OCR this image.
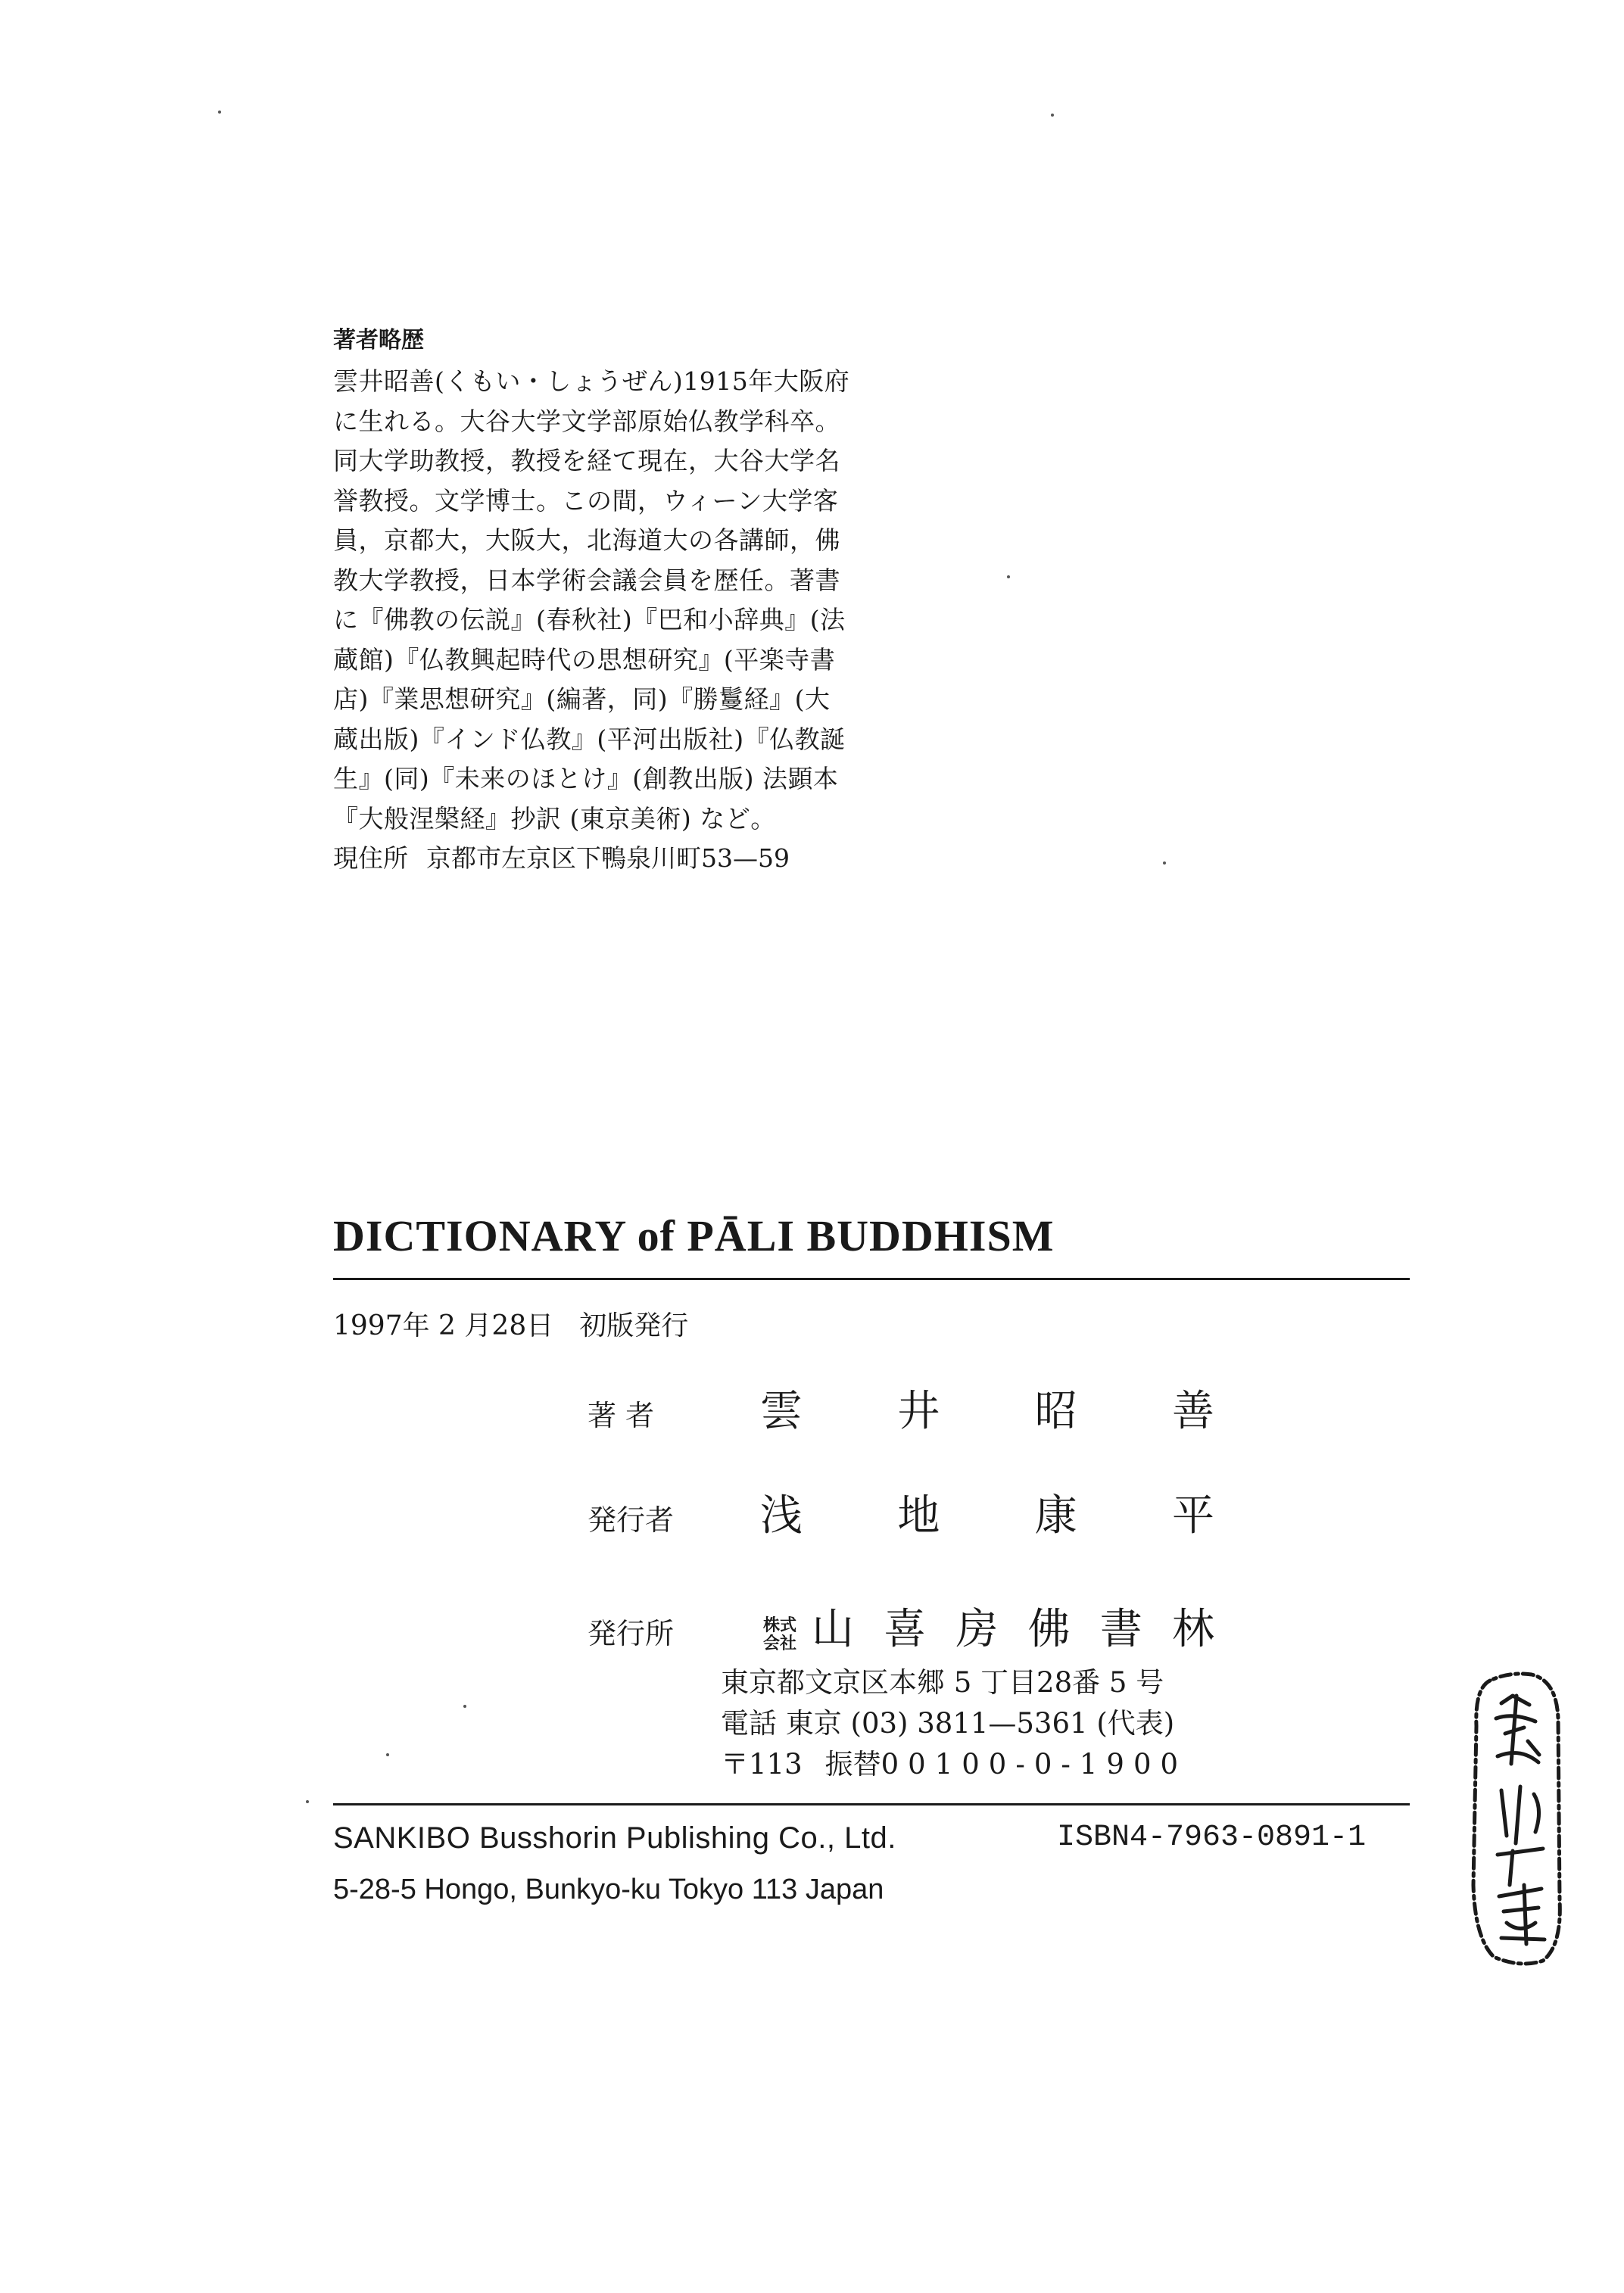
著者略歴
雲井昭善(くもい・しょうぜん)1915年大阪府
に生れる。大谷大学文学部原始仏教学科卒。
同大学助教授，教授を経て現在，大谷大学名
誉教授。文学博士。この間，ウィーン大学客
員，京都大，大阪大，北海道大の各講師，佛
教大学教授，日本学術会議会員を歴任。著書
に『佛教の伝説』(春秋社)『巴和小辞典』(法
蔵館)『仏教興起時代の思想研究』(平楽寺書
店)『業思想研究』(編著，同)『勝鬘経』(大
蔵出版)『インド仏教』(平河出版社)『仏教誕
生』(同)『未来のほとけ』(創教出版) 法顕本
『大般涅槃経』抄訳 (東京美術) など。
現住所 京都市左京区下鴨泉川町53—59
DICTIONARY of PĀLI BUDDHISM
1997年 2 月28日 初版発行
著 者 雲 井 昭 善
発行者 浅 地 康 平
発行所	株式
会社 山 喜 房 佛 書 林
東京都文京区本郷 5 丁目28番 5 号
電話 東京 (03) 3811—5361 (代表)
〒113 振替00100-0-1900
SANKIBO Busshorin Publishing Co., Ltd.	ISBN4-7963-0891-1
5-28-5 Hongo, Bunkyo-ku Tokyo 113 Japan
